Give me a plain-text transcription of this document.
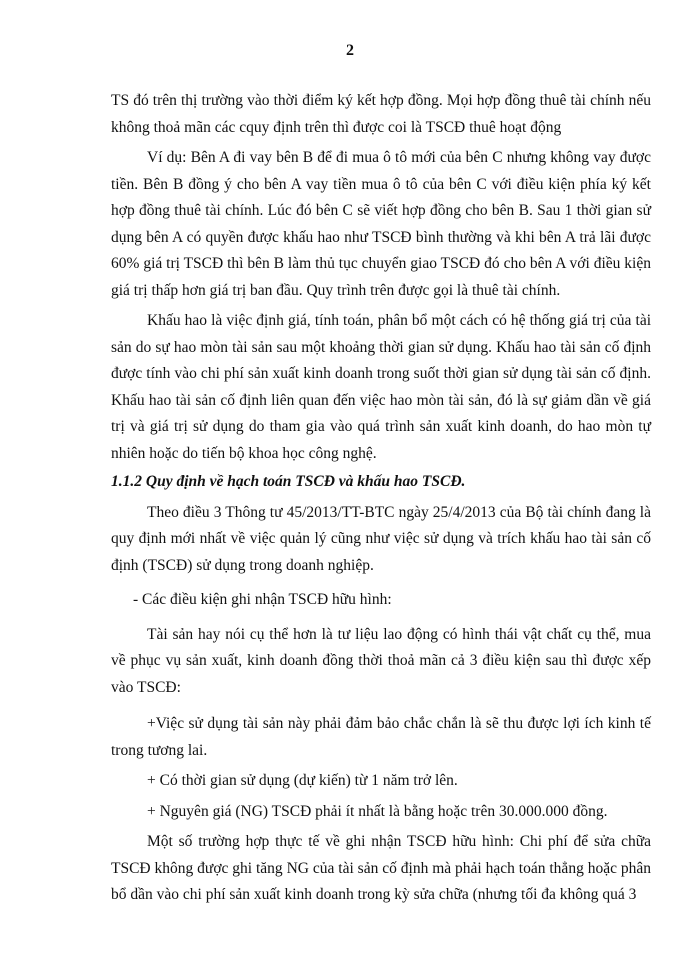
2

TS đó trên thị trường vào thời điểm ký kết hợp đồng. Mọi hợp đồng thuê tài chính nếu không thoả mãn các cquy định trên thì được coi là TSCĐ thuê hoạt động

Ví dụ: Bên A đi vay bên B để đi mua ô tô mới của bên C nhưng không vay được tiền. Bên B đồng ý cho bên A vay tiền mua ô tô của bên C với điều kiện phía ký kết hợp đồng thuê tài chính. Lúc đó bên C sẽ viết hợp đồng cho bên B. Sau 1 thời gian sử dụng bên A có quyền được khấu hao như TSCĐ bình thường và khi bên A trả lãi được 60% giá trị TSCĐ thì bên B làm thủ tục chuyển giao TSCĐ đó cho bên A với điều kiện giá trị thấp hơn giá trị ban đầu. Quy trình trên được gọi là thuê tài chính.

Khấu hao là việc định giá, tính toán, phân bổ một cách có hệ thống giá trị của tài sản do sự hao mòn tài sản sau một khoảng thời gian sử dụng. Khấu hao tài sản cố định được tính vào chi phí sản xuất kinh doanh trong suốt thời gian sử dụng tài sản cố định. Khấu hao tài sản cố định liên quan đến việc hao mòn tài sản, đó là sự giảm dần về giá trị và giá trị sử dụng do tham gia vào quá trình sản xuất kinh doanh, do hao mòn tự nhiên hoặc do tiến bộ khoa học công nghệ.

1.1.2 Quy định về hạch toán TSCĐ và khấu hao TSCĐ.

Theo điều 3 Thông tư 45/2013/TT-BTC ngày 25/4/2013 của Bộ tài chính đang là quy định mới nhất về việc quản lý cũng như việc sử dụng và trích khấu hao tài sản cố định (TSCĐ) sử dụng trong doanh nghiệp.

- Các điều kiện ghi nhận TSCĐ hữu hình:

Tài sản hay nói cụ thể hơn là tư liệu lao động có hình thái vật chất cụ thể, mua về phục vụ sản xuất, kinh doanh đồng thời thoả mãn cả 3 điều kiện sau thì được xếp vào TSCĐ:

+Việc sử dụng tài sản này phải đảm bảo chắc chắn là sẽ thu được lợi ích kinh tế trong tương lai.

+ Có thời gian sử dụng (dự kiến) từ 1 năm trở lên.

+ Nguyên giá (NG) TSCĐ phải ít nhất là bằng hoặc trên 30.000.000 đồng.

Một số trường hợp thực tế về ghi nhận TSCĐ hữu hình: Chi phí để sửa chữa TSCĐ không được ghi tăng NG của tài sản cố định mà phải hạch toán thẳng hoặc phân bổ dần vào chi phí sản xuất kinh doanh trong kỳ sửa chữa (nhưng tối đa không quá 3
